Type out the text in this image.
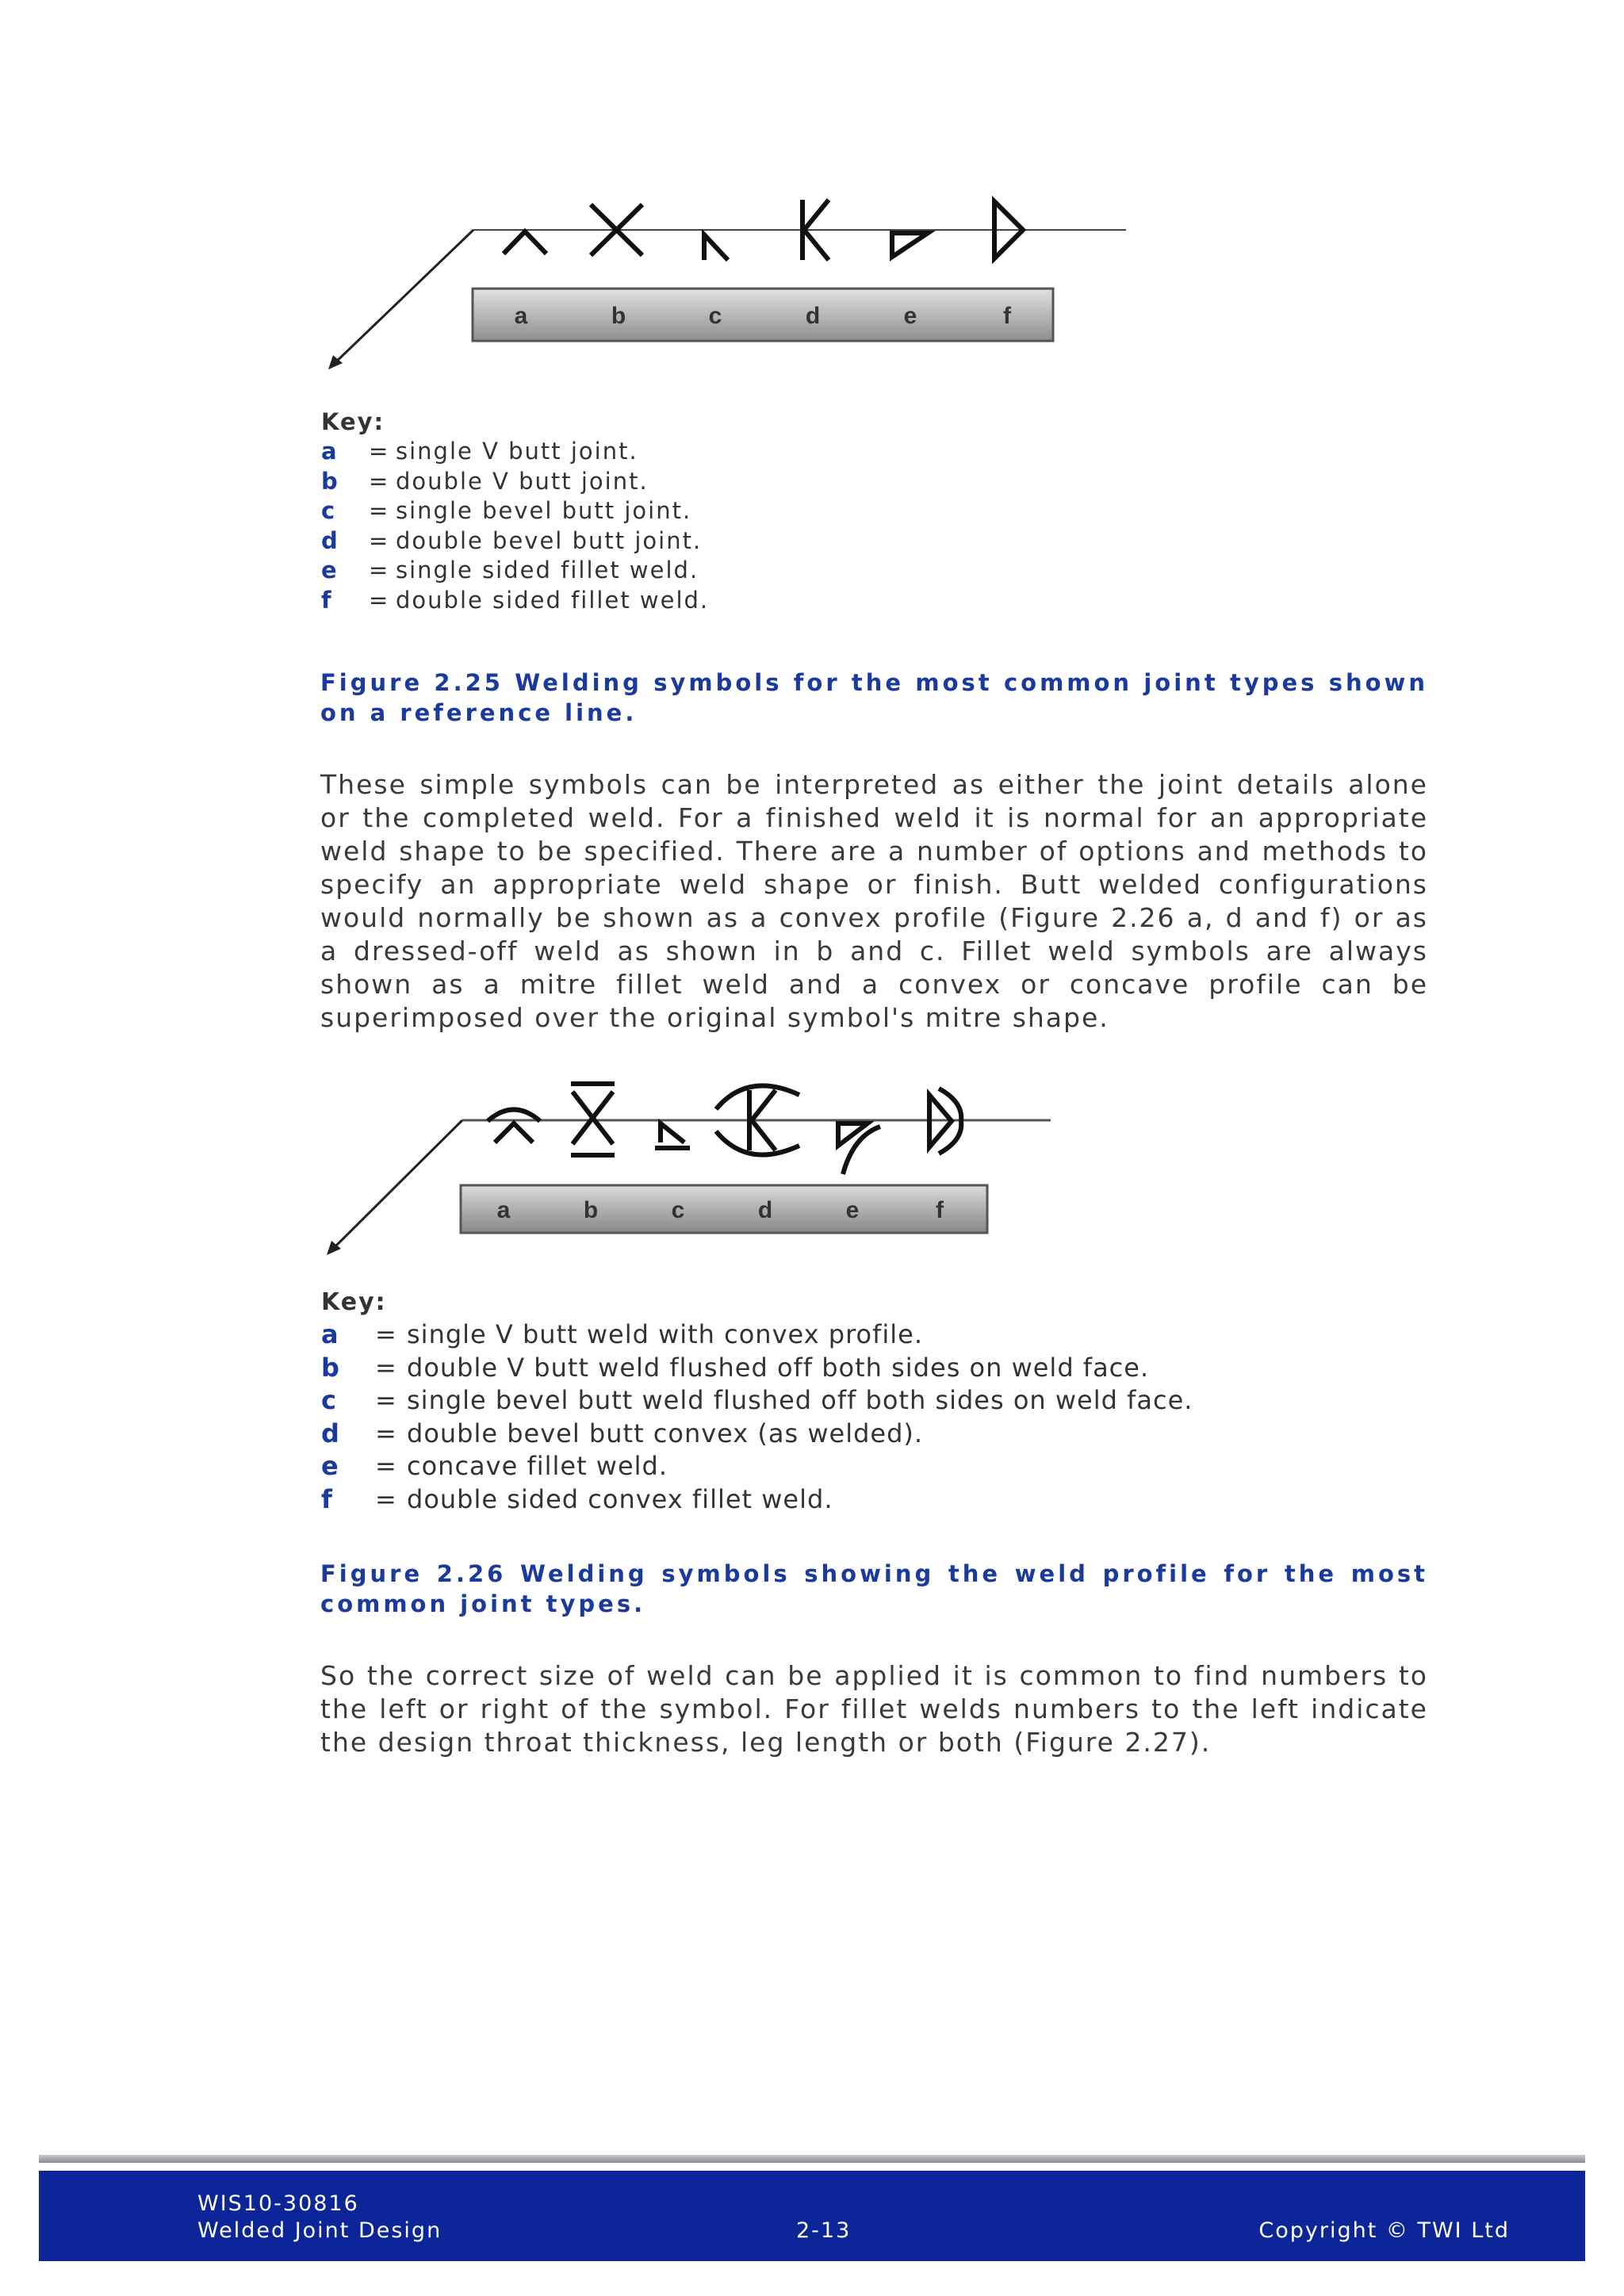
a	b	c	d	e	f
Key:
a	= single V butt joint.
b	= double V butt joint.
c	= single bevel butt joint.
d	= double bevel butt joint.
e	= single sided fillet weld.
f	= double sided fillet weld.

Figure 2.25 Welding symbols for the most common joint types shown on a reference line.

These simple symbols can be interpreted as either the joint details alone or the completed weld. For a finished weld it is normal for an appropriate weld shape to be specified. There are a number of options and methods to specify an appropriate weld shape or finish. Butt welded configurations would normally be shown as a convex profile (Figure 2.26 a, d and f) or as a dressed-off weld as shown in b and c. Fillet weld symbols are always shown as a mitre fillet weld and a convex or concave profile can be superimposed over the original symbol's mitre shape.

a	b	c	d	e	f
Key:
a	= single V butt weld with convex profile.
b	= double V butt weld flushed off both sides on weld face.
c	= single bevel butt weld flushed off both sides on weld face.
d	= double bevel butt convex (as welded).
e	= concave fillet weld.
f	= double sided convex fillet weld.

Figure 2.26 Welding symbols showing the weld profile for the most common joint types.

So the correct size of weld can be applied it is common to find numbers to the left or right of the symbol. For fillet welds numbers to the left indicate the design throat thickness, leg length or both (Figure 2.27).

WIS10-30816
Welded Joint Design	2-13	Copyright © TWI Ltd
